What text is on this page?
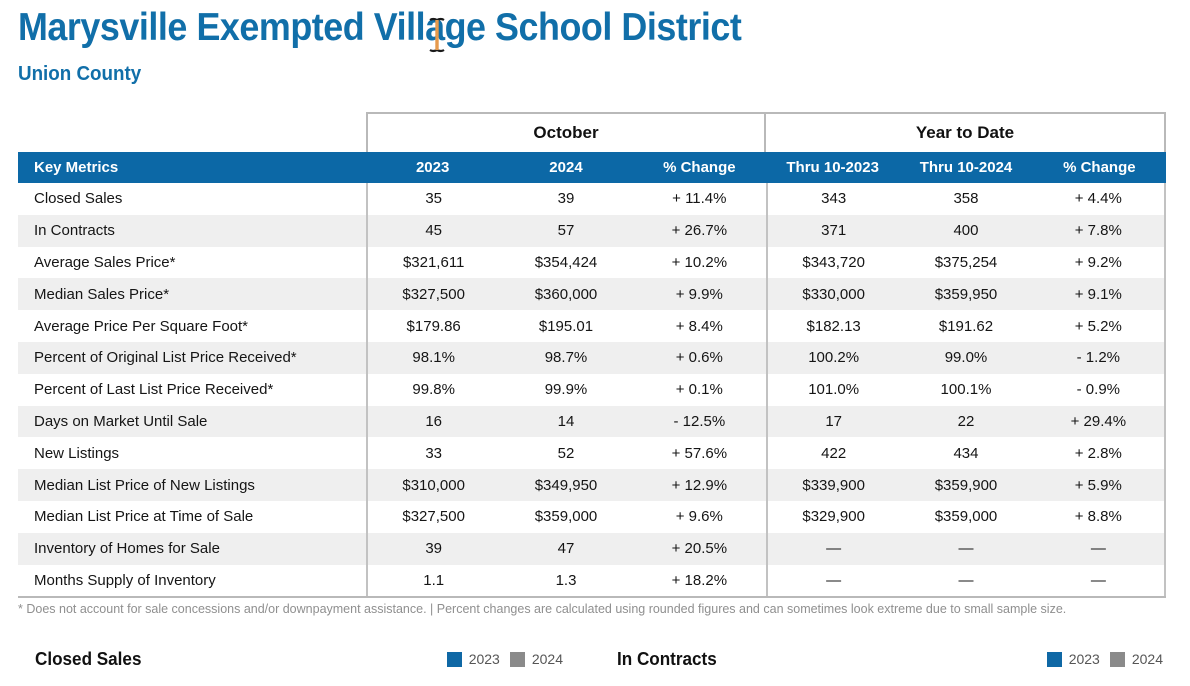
Marysville Exempted Village School District
Union County
October	Year to Date
Key Metrics	2023	2024	% Change	Thru 10-2023	Thru 10-2024	% Change
Closed Sales	35	39	+ 11.4%	343	358	+ 4.4%
In Contracts	45	57	+ 26.7%	371	400	+ 7.8%
Average Sales Price*	$321,611	$354,424	+ 10.2%	$343,720	$375,254	+ 9.2%
Median Sales Price*	$327,500	$360,000	+ 9.9%	$330,000	$359,950	+ 9.1%
Average Price Per Square Foot*	$179.86	$195.01	+ 8.4%	$182.13	$191.62	+ 5.2%
Percent of Original List Price Received*	98.1%	98.7%	+ 0.6%	100.2%	99.0%	- 1.2%
Percent of Last List Price Received*	99.8%	99.9%	+ 0.1%	101.0%	100.1%	- 0.9%
Days on Market Until Sale	16	14	- 12.5%	17	22	+ 29.4%
New Listings	33	52	+ 57.6%	422	434	+ 2.8%
Median List Price of New Listings	$310,000	$349,950	+ 12.9%	$339,900	$359,900	+ 5.9%
Median List Price at Time of Sale	$327,500	$359,000	+ 9.6%	$329,900	$359,000	+ 8.8%
Inventory of Homes for Sale	39	47	+ 20.5%	—	—	—
Months Supply of Inventory	1.1	1.3	+ 18.2%	—	—	—
* Does not account for sale concessions and/or downpayment assistance. | Percent changes are calculated using rounded figures and can sometimes look extreme due to small sample size.
Closed Sales	2023 2024	In Contracts	2023 2024
